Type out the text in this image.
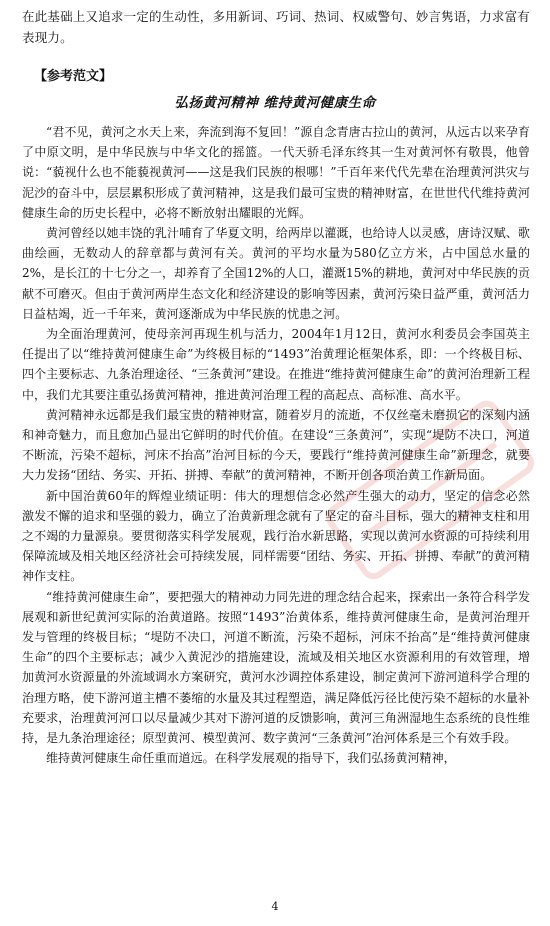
在此基础上又追求一定的生动性，多用新词、巧词、热词、权威警句、妙言隽语，力求富有表现力。
【参考范文】
弘扬黄河精神 维持黄河健康生命

“君不见，黄河之水天上来，奔流到海不复回！”源自念青唐古拉山的黄河，从远古以来孕育了中原文明，是中华民族与中华文化的摇篮。一代天骄毛泽东终其一生对黄河怀有敬畏，他曾说：“藐视什么也不能藐视黄河——这是我们民族的根哪！”千百年来代代先辈在治理黄河洪灾与泥沙的奋斗中，层层累积形成了黄河精神，这是我们最可宝贵的精神财富，在世世代代维持黄河健康生命的历史长程中，必将不断放射出耀眼的光辉。

黄河曾经以她丰饶的乳汁哺育了华夏文明，给两岸以灌溉，也给诗人以灵感，唐诗汉赋、歌曲绘画，无数动人的辞章都与黄河有关。黄河的平均水量为580亿立方米，占中国总水量的2%，是长江的十七分之一，却养育了全国12%的人口，灌溉15%的耕地，黄河对中华民族的贡献不可磨灭。但由于黄河两岸生态文化和经济建设的影响等因素，黄河污染日益严重，黄河活力日益枯竭，近一千年来，黄河逐渐成为中华民族的忧患之河。

为全面治理黄河，使母亲河再现生机与活力，2004年1月12日，黄河水利委员会李国英主任提出了以“维持黄河健康生命”为终极目标的“1493”治黄理论框架体系，即：一个终极目标、四个主要标志、九条治理途径、“三条黄河”建设。在推进“维持黄河健康生命”的黄河治理新工程中，我们尤其要注重弘扬黄河精神，推进黄河治理工程的高起点、高标准、高水平。

黄河精神永远都是我们最宝贵的精神财富，随着岁月的流逝，不仅丝毫未磨损它的深刻内涵和神奇魅力，而且愈加凸显出它鲜明的时代价值。在建设“三条黄河”，实现“堤防不决口，河道不断流，污染不超标，河床不抬高”治河目标的今天，要践行“维持黄河健康生命”新理念，就要大力发扬“团结、务实、开拓、拼搏、奉献”的黄河精神，不断开创各项治黄工作新局面。

新中国治黄60年的辉煌业绩证明：伟大的理想信念必然产生强大的动力，坚定的信念必然激发不懈的追求和坚强的毅力，确立了治黄新理念就有了坚定的奋斗目标，强大的精神支柱和用之不竭的力量源泉。要贯彻落实科学发展观，践行治水新思路，实现以黄河水资源的可持续利用保障流域及相关地区经济社会可持续发展，同样需要“团结、务实、开拓、拼搏、奉献”的黄河精神作支柱。

“维持黄河健康生命”，要把强大的精神动力同先进的理念结合起来，探索出一条符合科学发展观和新世纪黄河实际的治黄道路。按照“1493”治黄体系，维持黄河健康生命，是黄河治理开发与管理的终极目标；“堤防不决口，河道不断流，污染不超标，河床不抬高”是“维持黄河健康生命”的四个主要标志；减少入黄泥沙的措施建设，流域及相关地区水资源利用的有效管理，增加黄河水资源量的外流域调水方案研究，黄河水沙调控体系建设，制定黄河下游河道科学合理的治理方略，使下游河道主槽不萎缩的水量及其过程塑造，满足降低污径比使污染不超标的水量补充要求，治理黄河河口以尽量减少其对下游河道的反馈影响，黄河三角洲湿地生态系统的良性维持，是九条治理途径；原型黄河、模型黄河、数字黄河“三条黄河”治河体系是三个有效手段。

维持黄河健康生命任重而道远。在科学发展观的指导下，我们弘扬黄河精神，

4
